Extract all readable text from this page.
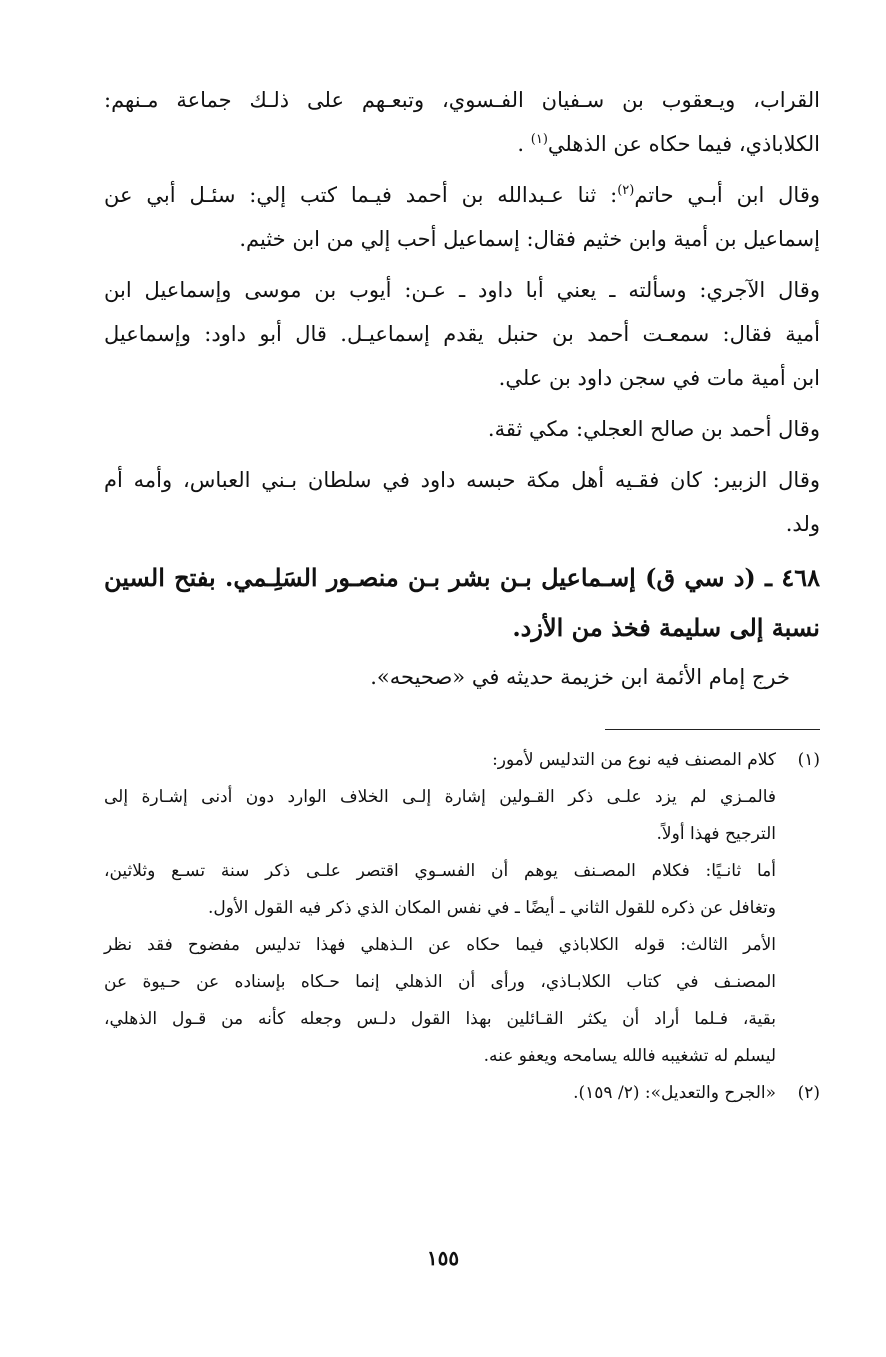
القراب، ويـعقوب بن سـفيان الفـسوي، وتبعـهم على ذلـك جماعة مـنهم:
الكلاباذي، فيما حكاه عن الذهلي$^{(١)}$ .
وقال ابن أبـي حاتم$^{(٢)}$: ثنا عـبدالله بن أحمد فيـما كتب إلي: سئـل أبي عن
إسماعيل بن أمية وابن خثيم فقال: إسماعيل أحب إلي من ابن خثيم.
وقال الآجري: وسألته ـ يعني أبا داود ـ عـن: أيوب بن موسى وإسماعيل ابن
أمية فقال: سمعـت أحمد بن حنبل يقدم إسماعيـل. قال أبو داود: وإسماعيل
ابن أمية مات في سجن داود بن علي.
وقال أحمد بن صالح العجلي: مكي ثقة.
وقال الزبير: كان فقـيه أهل مكة حبسه داود في سلطان بـني العباس، وأمه أم
ولد.
٤٦٨ ـ (د سي ق) إسـماعيل بـن بشر بـن منصـور السَلِـمي. بفتح السين
نسبة إلى سليمة فخذ من الأزد.
خرج إمام الأئمة ابن خزيمة حديثه في «صحيحه».
(١)
كلام المصنف فيه نوع من التدليس لأمور:
فالمـزي لم يزد علـى ذكر القـولين إشارة إلـى الخلاف الوارد دون أدنى إشـارة إلى
الترجيح فهذا أولاً.
أما ثانـيًا: فكلام المصـنف يوهم أن الفسـوي اقتصر علـى ذكر سنة تسـع وثلاثين،
وتغافل عن ذكره للقول الثاني ـ أيضًا ـ في نفس المكان الذي ذكر فيه القول الأول.
الأمر الثالث: قوله الكلاباذي فيما حكاه عن الـذهلي فهذا تدليس مفضوح فقد نظر
المصنـف في كتاب الكلابـاذي، ورأى أن الذهلي إنما حـكاه بإسناده عن حـيوة عن
بقية، فـلما أراد أن يكثر القـائلين بهذا القول دلـس وجعله كأنه من قـول الذهلي،
ليسلم له تشغيبه فالله يسامحه ويعفو عنه.
(٢)
«الجرح والتعديل»: (٢/ ١٥٩).
١٥٥
